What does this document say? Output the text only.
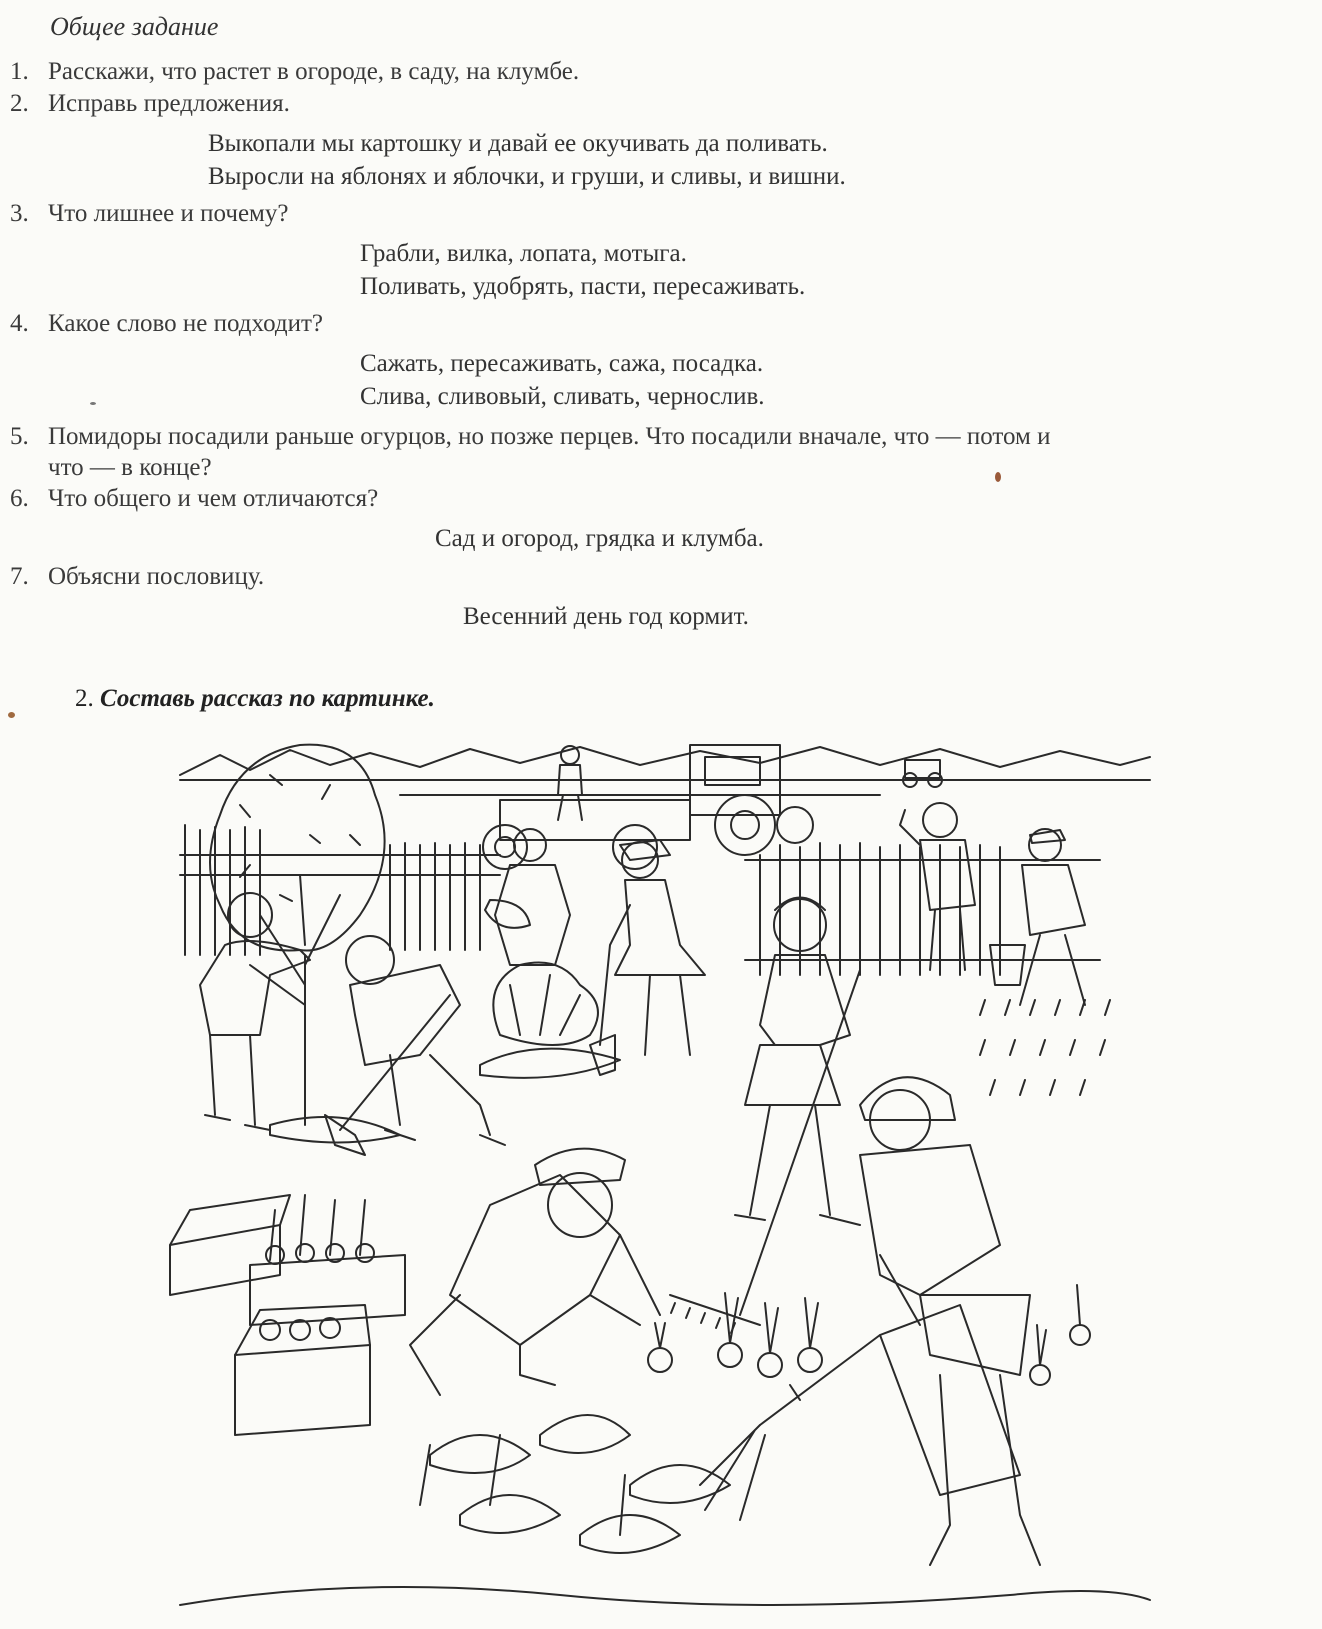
Общее задание
1. Расскажи, что растет в огороде, в саду, на клумбе.
2. Исправь предложения.
Выкопали мы картошку и давай ее окучивать да поливать.
Выросли на яблонях и яблочки, и груши, и сливы, и вишни.
3. Что лишнее и почему?
Грабли, вилка, лопата, мотыга.
Поливать, удобрять, пасти, пересаживать.
4. Какое слово не подходит?
Сажать, пересаживать, сажа, посадка.
Слива, сливовый, сливать, чернослив.
5. Помидоры посадили раньше огурцов, но позже перцев. Что посадили вначале, что — потом и
что — в конце?
6. Что общего и чем отличаются?
Сад и огород, грядка и клумба.
7. Объясни пословицу.
Весенний день год кормит.
2. Составь рассказ по картинке.
